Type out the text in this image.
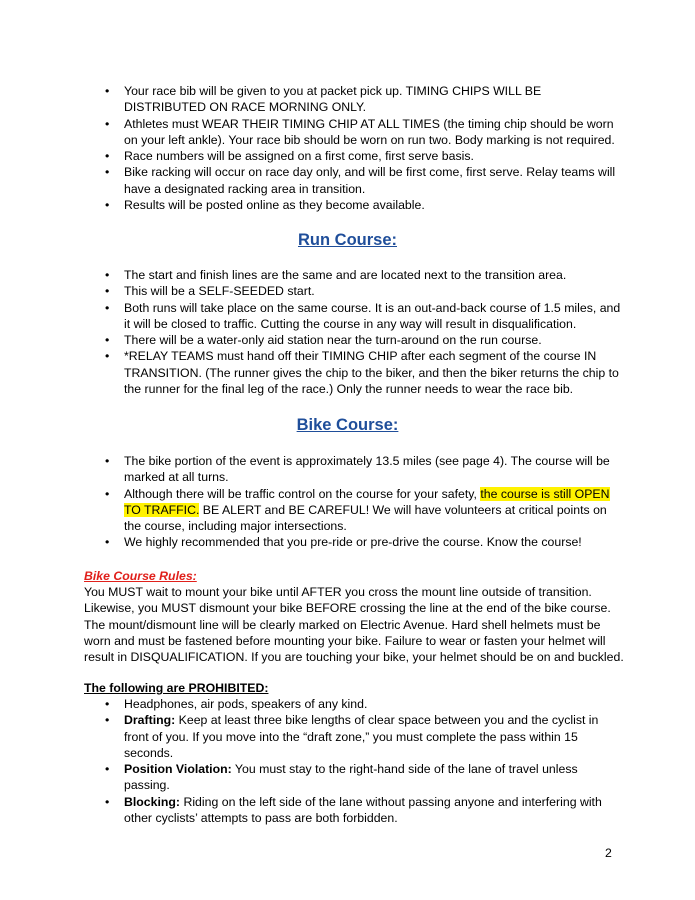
• Your race bib will be given to you at packet pick up. TIMING CHIPS WILL BE DISTRIBUTED ON RACE MORNING ONLY.
• Athletes must WEAR THEIR TIMING CHIP AT ALL TIMES (the timing chip should be worn on your left ankle). Your race bib should be worn on run two. Body marking is not required.
• Race numbers will be assigned on a first come, first serve basis.
• Bike racking will occur on race day only, and will be first come, first serve. Relay teams will have a designated racking area in transition.
• Results will be posted online as they become available.
Run Course:
• The start and finish lines are the same and are located next to the transition area.
• This will be a SELF-SEEDED start.
• Both runs will take place on the same course. It is an out-and-back course of 1.5 miles, and it will be closed to traffic. Cutting the course in any way will result in disqualification.
• There will be a water-only aid station near the turn-around on the run course.
• *RELAY TEAMS must hand off their TIMING CHIP after each segment of the course IN TRANSITION. (The runner gives the chip to the biker, and then the biker returns the chip to the runner for the final leg of the race.) Only the runner needs to wear the race bib.
Bike Course:
• The bike portion of the event is approximately 13.5 miles (see page 4). The course will be marked at all turns.
• Although there will be traffic control on the course for your safety, the course is still OPEN TO TRAFFIC. BE ALERT and BE CAREFUL! We will have volunteers at critical points on the course, including major intersections.
• We highly recommended that you pre-ride or pre-drive the course. Know the course!
Bike Course Rules:

You MUST wait to mount your bike until AFTER you cross the mount line outside of transition. Likewise, you MUST dismount your bike BEFORE crossing the line at the end of the bike course. The mount/dismount line will be clearly marked on Electric Avenue. Hard shell helmets must be worn and must be fastened before mounting your bike. Failure to wear or fasten your helmet will result in DISQUALIFICATION. If you are touching your bike, your helmet should be on and buckled.

The following are PROHIBITED:
• Headphones, air pods, speakers of any kind.
• Drafting: Keep at least three bike lengths of clear space between you and the cyclist in front of you. If you move into the “draft zone,” you must complete the pass within 15 seconds.
• Position Violation: You must stay to the right-hand side of the lane of travel unless passing.
• Blocking: Riding on the left side of the lane without passing anyone and interfering with other cyclists’ attempts to pass are both forbidden.
2
